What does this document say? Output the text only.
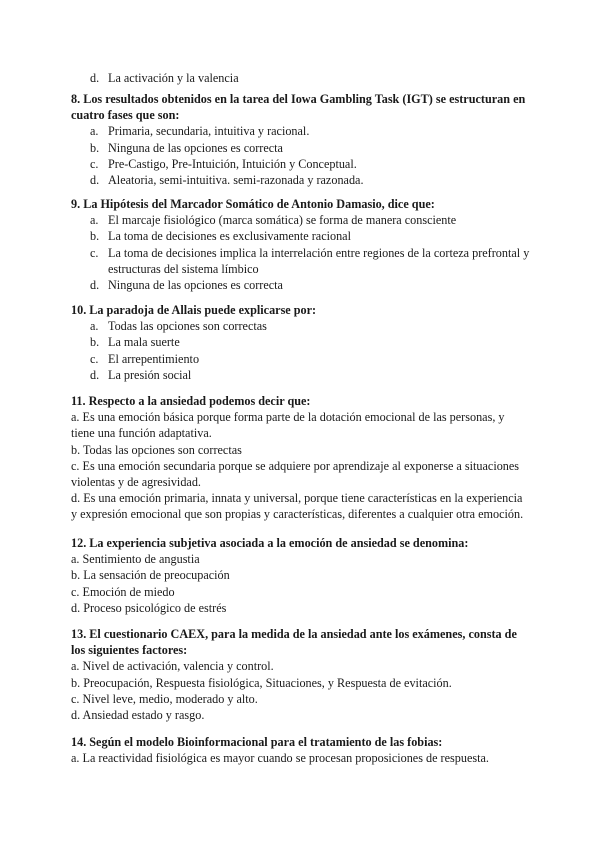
d. La activación y la valencia

8. Los resultados obtenidos en la tarea del Iowa Gambling Task (IGT) se estructuran en cuatro fases que son:

a. Primaria, secundaria, intuitiva y racional.
b. Ninguna de las opciones es correcta
c. Pre-Castigo, Pre-Intuición, Intuición y Conceptual.
d. Aleatoria, semi-intuitiva. semi-razonada y razonada.

9. La Hipótesis del Marcador Somático de Antonio Damasio, dice que:

a. El marcaje fisiológico (marca somática) se forma de manera consciente
b. La toma de decisiones es exclusivamente racional
c. La toma de decisiones implica la interrelación entre regiones de la corteza prefrontal y estructuras del sistema límbico
d. Ninguna de las opciones es correcta

10. La paradoja de Allais puede explicarse por:

a. Todas las opciones son correctas
b. La mala suerte
c. El arrepentimiento
d. La presión social

11. Respecto a la ansiedad podemos decir que:

a. Es una emoción básica porque forma parte de la dotación emocional de las personas, y tiene una función adaptativa.
b. Todas las opciones son correctas
c. Es una emoción secundaria porque se adquiere por aprendizaje al exponerse a situaciones violentas y de agresividad.
d. Es una emoción primaria, innata y universal, porque tiene características en la experiencia y expresión emocional que son propias y características, diferentes a cualquier otra emoción.

12. La experiencia subjetiva asociada a la emoción de ansiedad se denomina:

a. Sentimiento de angustia
b. La sensación de preocupación
c. Emoción de miedo
d. Proceso psicológico de estrés

13. El cuestionario CAEX, para la medida de la ansiedad ante los exámenes, consta de los siguientes factores:

a. Nivel de activación, valencia y control.
b. Preocupación, Respuesta fisiológica, Situaciones, y Respuesta de evitación.
c. Nivel leve, medio, moderado y alto.
d. Ansiedad estado y rasgo.

14. Según el modelo Bioinformacional para el tratamiento de las fobias:

a. La reactividad fisiológica es mayor cuando se procesan proposiciones de respuesta.
